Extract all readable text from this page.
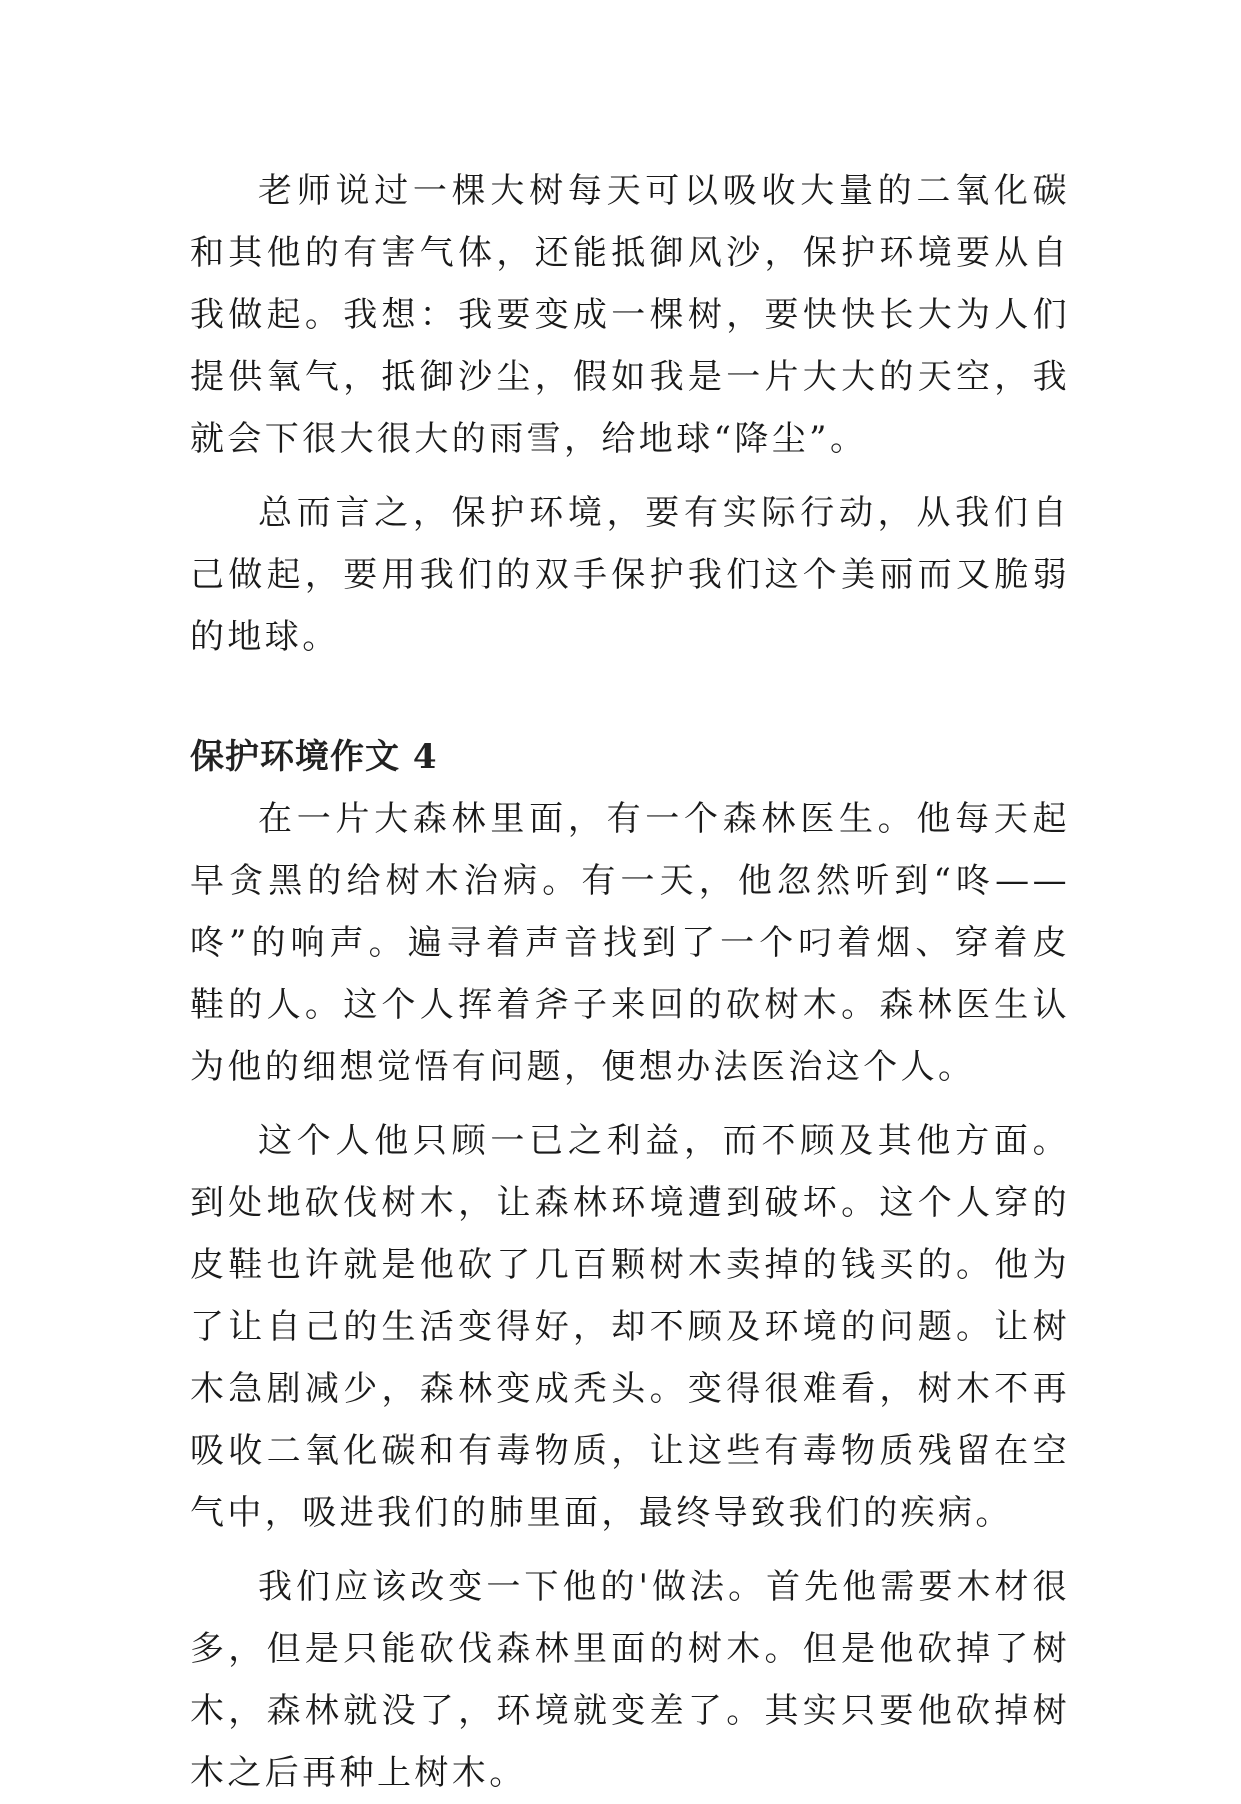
老师说过一棵大树每天可以吸收大量的二氧化碳和其他的有害气体，还能抵御风沙，保护环境要从自我做起。我想：我要变成一棵树，要快快长大为人们提供氧气，抵御沙尘，假如我是一片大大的天空，我就会下很大很大的雨雪，给地球“降尘”。

总而言之，保护环境，要有实际行动，从我们自己做起，要用我们的双手保护我们这个美丽而又脆弱的地球。

保护环境作文 4

在一片大森林里面，有一个森林医生。他每天起早贪黑的给树木治病。有一天，他忽然听到“咚——咚”的响声。遍寻着声音找到了一个叼着烟、穿着皮鞋的人。这个人挥着斧子来回的砍树木。森林医生认为他的细想觉悟有问题，便想办法医治这个人。

这个人他只顾一已之利益，而不顾及其他方面。到处地砍伐树木，让森林环境遭到破坏。这个人穿的皮鞋也许就是他砍了几百颗树木卖掉的钱买的。他为了让自己的生活变得好，却不顾及环境的问题。让树木急剧减少，森林变成秃头。变得很难看，树木不再吸收二氧化碳和有毒物质，让这些有毒物质残留在空气中，吸进我们的肺里面，最终导致我们的疾病。

我们应该改变一下他的'做法。首先他需要木材很多，但是只能砍伐森林里面的树木。但是他砍掉了树木，森林就没了，环境就变差了。其实只要他砍掉树木之后再种上树木。
